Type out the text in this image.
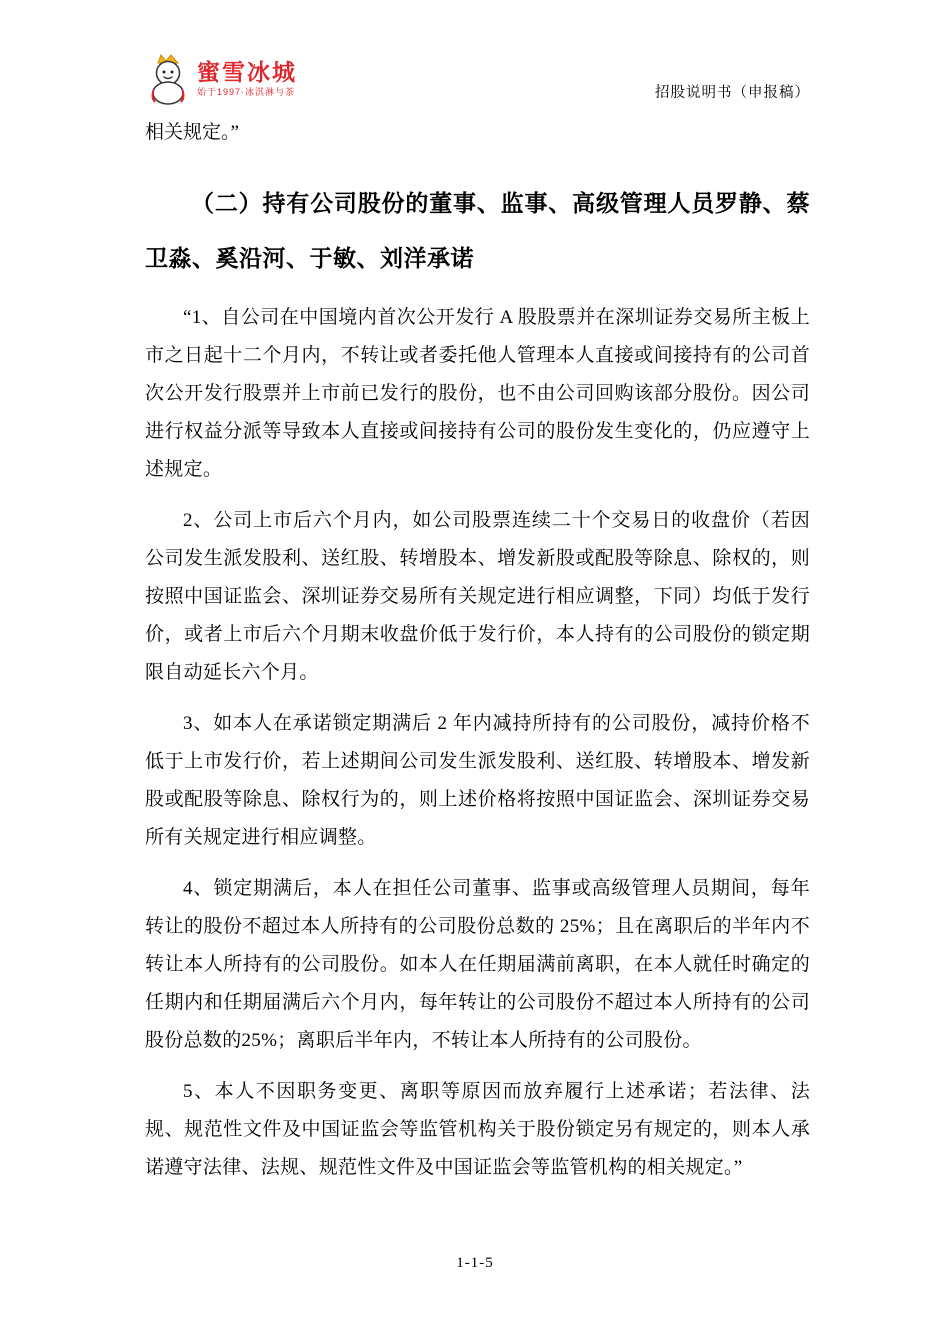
蜜雪冰城
始于1997·冰淇淋与茶	招股说明书（申报稿）

相关规定。”

（二）持有公司股份的董事、监事、高级管理人员罗静、蔡卫淼、奚沿河、于敏、刘洋承诺

“1、自公司在中国境内首次公开发行 A 股股票并在深圳证券交易所主板上市之日起十二个月内，不转让或者委托他人管理本人直接或间接持有的公司首次公开发行股票并上市前已发行的股份，也不由公司回购该部分股份。因公司进行权益分派等导致本人直接或间接持有公司的股份发生变化的，仍应遵守上述规定。

2、公司上市后六个月内，如公司股票连续二十个交易日的收盘价（若因公司发生派发股利、送红股、转增股本、增发新股或配股等除息、除权的，则按照中国证监会、深圳证券交易所有关规定进行相应调整，下同）均低于发行价，或者上市后六个月期末收盘价低于发行价，本人持有的公司股份的锁定期限自动延长六个月。

3、如本人在承诺锁定期满后 2 年内减持所持有的公司股份，减持价格不低于上市发行价，若上述期间公司发生派发股利、送红股、转增股本、增发新股或配股等除息、除权行为的，则上述价格将按照中国证监会、深圳证券交易所有关规定进行相应调整。

4、锁定期满后，本人在担任公司董事、监事或高级管理人员期间，每年转让的股份不超过本人所持有的公司股份总数的 25%；且在离职后的半年内不转让本人所持有的公司股份。如本人在任期届满前离职，在本人就任时确定的任期内和任期届满后六个月内，每年转让的公司股份不超过本人所持有的公司股份总数的25%；离职后半年内，不转让本人所持有的公司股份。

5、本人不因职务变更、离职等原因而放弃履行上述承诺；若法律、法规、规范性文件及中国证监会等监管机构关于股份锁定另有规定的，则本人承诺遵守法律、法规、规范性文件及中国证监会等监管机构的相关规定。”

1-1-5
